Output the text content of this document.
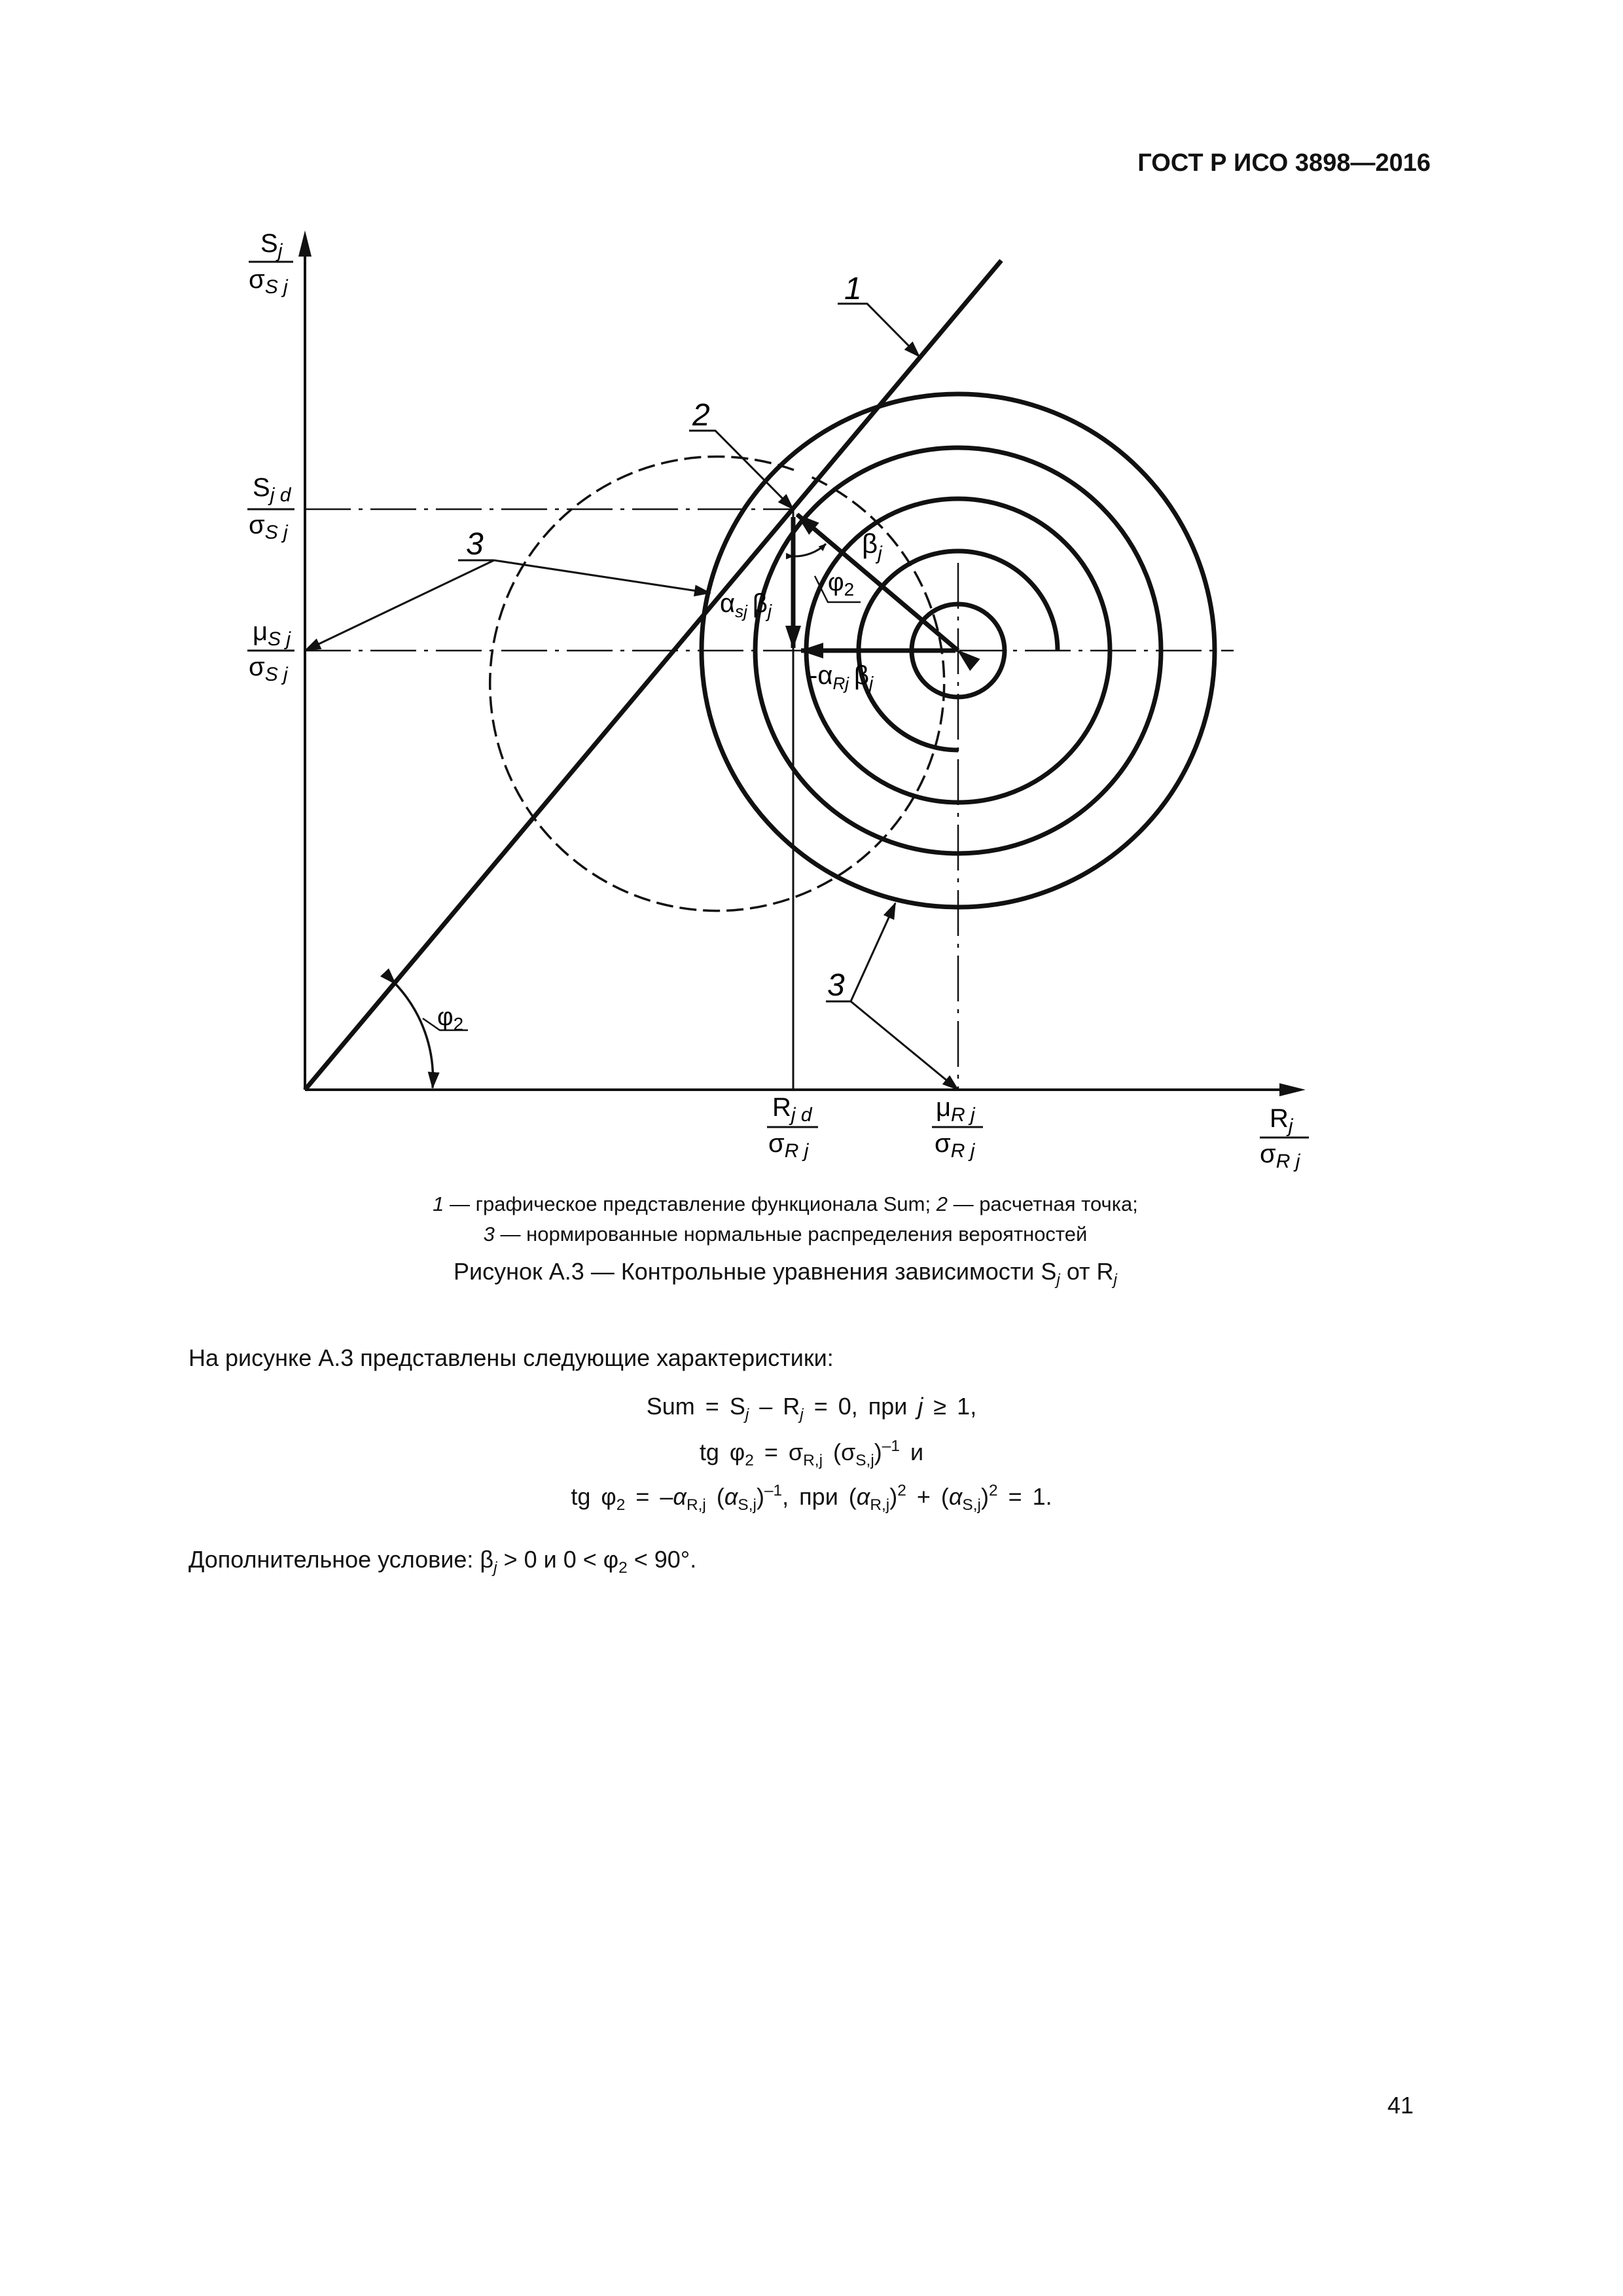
ГОСТ Р ИСО 3898—2016
1
2
3
3
$\beta_j$
$\varphi_2$
$\alpha_{sj}$ $\beta_j$
$-\alpha_{Rj}$ $\beta_j$
$\varphi_2$
$S_j$
$\sigma_{S j}$
$S_{j d}$
$\sigma_{S j}$
$\mu_{S j}$
$\sigma_{S j}$
$R_{j d}$
$\sigma_{R j}$
$\mu_{R j}$
$\sigma_{R j}$
$R_j$
$\sigma_{R j}$
1 — графическое представление функционала Sum; 2 — расчетная точка;
3 — нормированные нормальные распределения вероятностей
Рисунок А.3 — Контрольные уравнения зависимости $S_j$ от $R_j$
На рисунке А.3 представлены следующие характеристики:
Sum = $S_j - R_j = 0$, при j ≥ 1,
tg $\varphi_2 = \sigma_{R,j}$ $(\sigma_{S,j})^{-1}$ и
tg $\varphi_2 = -\alpha_{R,j}$ $(\alpha_{S,j})^{-1}$, при $(\alpha_{R,j})^2 + (\alpha_{S,j})^2 = 1$.
Дополнительное условие: $\beta_j > 0$ и $0 < \varphi_2 < 90^\circ$.
41
